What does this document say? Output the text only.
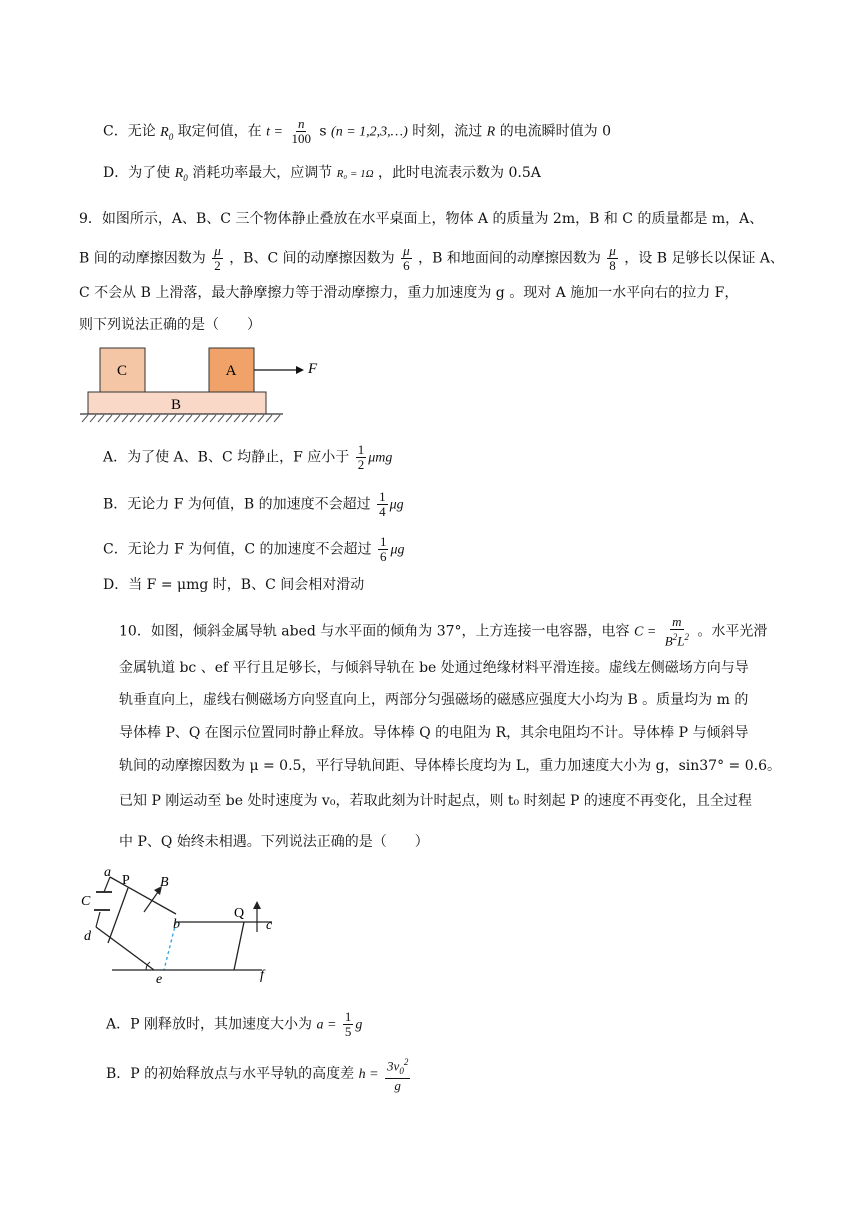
C．无论 $R_0$ 取定何值，在 $t = \frac{n}{100}$ s (n = 1,2,3,…) 时刻，流过 R 的电流瞬时值为 0
D．为了使 $R_0$ 消耗功率最大，应调节 R₀ = 1Ω ，此时电流表示数为 0.5A
9．如图所示，A、B、C 三个物体静止叠放在水平桌面上，物体 A 的质量为 2m，B 和 C 的质量都是 m，A、
B 间的动摩擦因数为 $\frac{\mu}{2}$ ，B、C 间的动摩擦因数为 $\frac{\mu}{6}$ ，B 和地面间的动摩擦因数为 $\frac{\mu}{8}$ ，设 B 足够长以保证 A、
C 不会从 B 上滑落，最大静摩擦力等于滑动摩擦力，重力加速度为 g 。现对 A 施加一水平向右的拉力 F，
则下列说法正确的是（　　）
C	A	F
B
A．为了使 A、B、C 均静止，F 应小于 $\frac{1}{2}$ μmg
B．无论力 F 为何值，B 的加速度不会超过 $\frac{1}{4}$ μg
C．无论力 F 为何值，C 的加速度不会超过 $\frac{1}{6}$ μg
D．当 F = μmg 时，B、C 间会相对滑动
10．如图，倾斜金属导轨 abed 与水平面的倾角为 37°，上方连接一电容器，电容 $C = \frac{m}{B^2L^2}$ 。水平光滑
金属轨道 bc 、ef 平行且足够长，与倾斜导轨在 be 处通过绝缘材料平滑连接。虚线左侧磁场方向与导
轨垂直向上，虚线右侧磁场方向竖直向上，两部分匀强磁场的磁感应强度大小均为 B 。质量均为 m 的
导体棒 P、Q 在图示位置同时静止释放。导体棒 Q 的电阻为 R，其余电阻均不计。导体棒 P 与倾斜导
轨间的动摩擦因数为 μ = 0.5，平行导轨间距、导体棒长度均为 L，重力加速度大小为 g，sin37° = 0.6。
已知 P 刚运动至 be 处时速度为 v₀，若取此刻为计时起点，则 t₀ 时刻起 P 的速度不再变化，且全过程
中 P、Q 始终未相遇。下列说法正确的是（　　）
a
C
d
P B
b
e	f
Q
c
A．P 刚释放时，其加速度大小为 $a = \frac{1}{5}$ g
B．P 的初始释放点与水平导轨的高度差 $h = \frac{3v_0^2}{g}$
